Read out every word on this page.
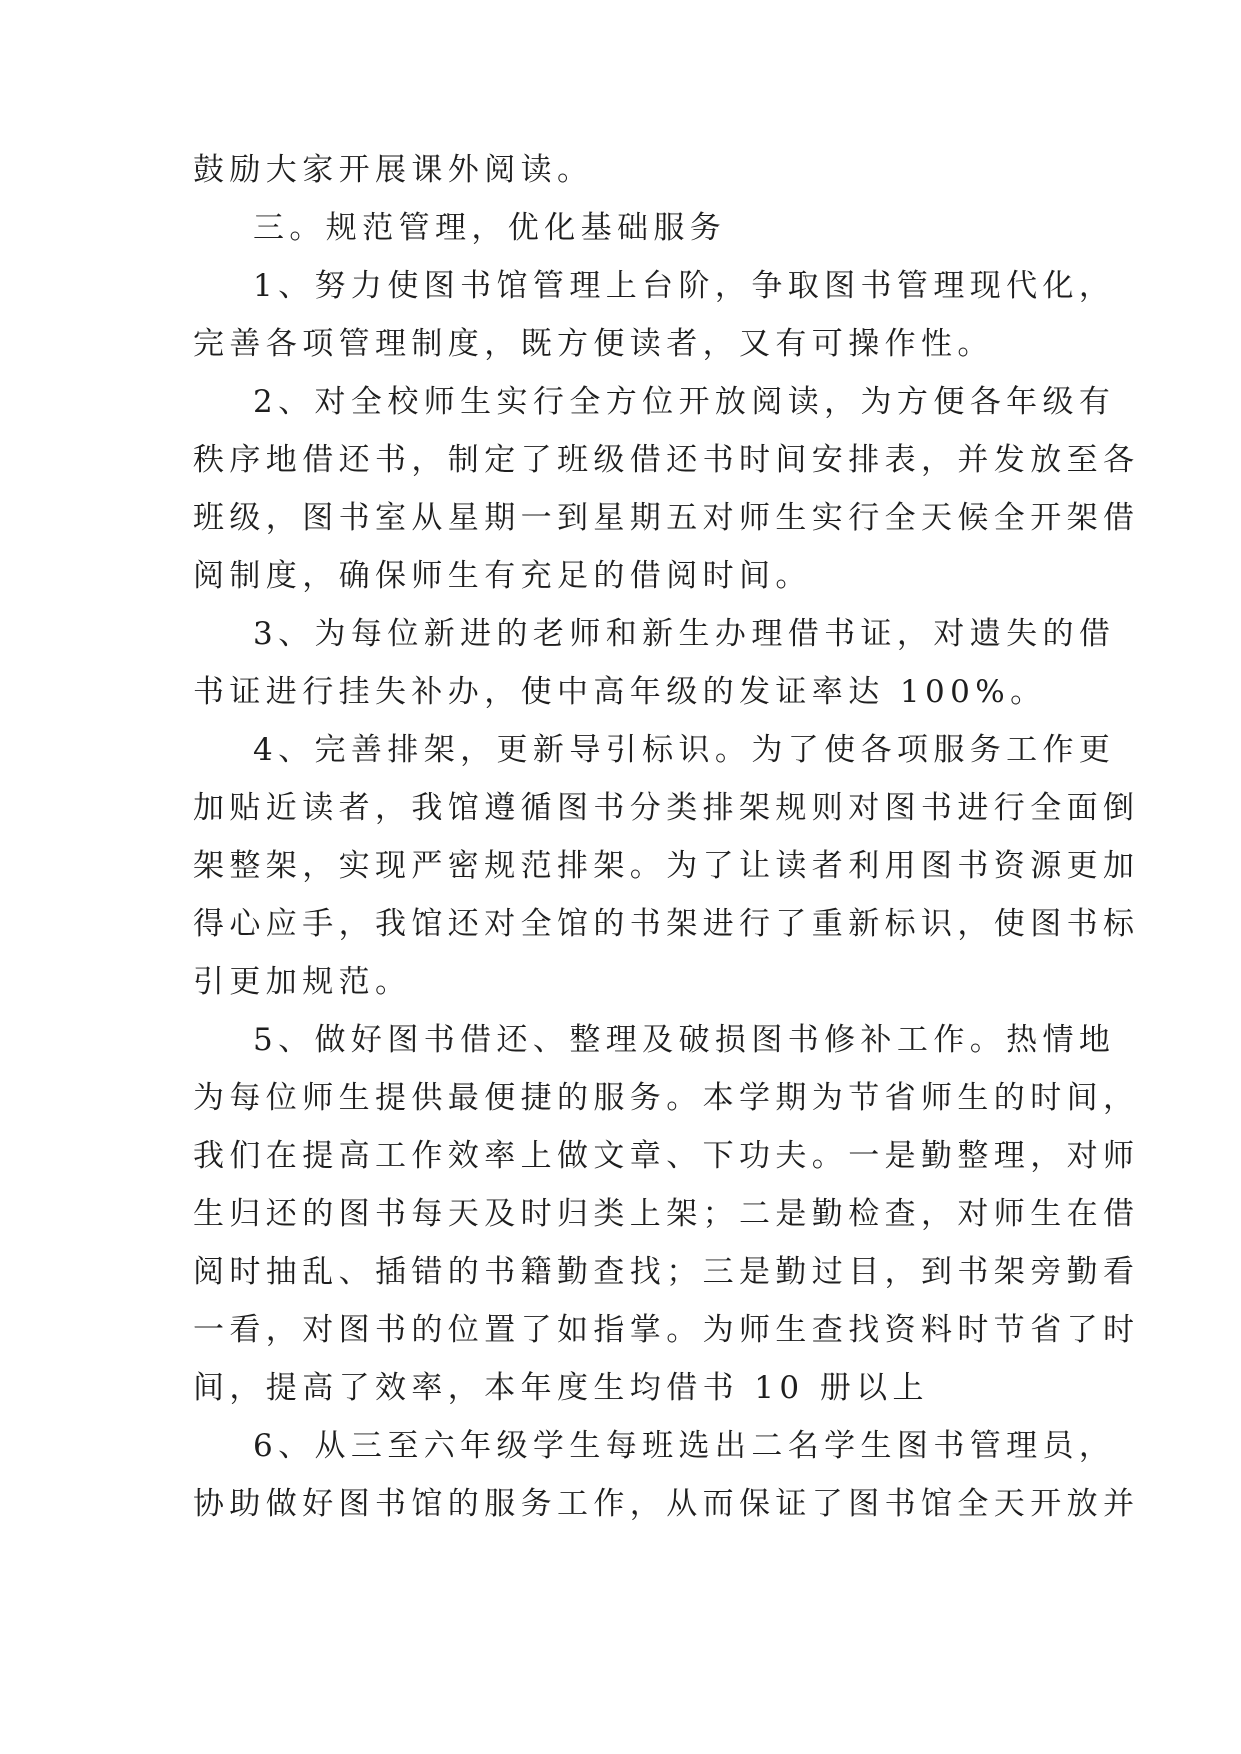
鼓励大家开展课外阅读。
三。规范管理，优化基础服务
1、努力使图书馆管理上台阶，争取图书管理现代化，
完善各项管理制度，既方便读者，又有可操作性。
2、对全校师生实行全方位开放阅读，为方便各年级有
秩序地借还书，制定了班级借还书时间安排表，并发放至各
班级，图书室从星期一到星期五对师生实行全天候全开架借
阅制度，确保师生有充足的借阅时间。
3、为每位新进的老师和新生办理借书证，对遗失的借
书证进行挂失补办，使中高年级的发证率达 100%。
4、完善排架，更新导引标识。为了使各项服务工作更
加贴近读者，我馆遵循图书分类排架规则对图书进行全面倒
架整架，实现严密规范排架。为了让读者利用图书资源更加
得心应手，我馆还对全馆的书架进行了重新标识，使图书标
引更加规范。
5、做好图书借还、整理及破损图书修补工作。热情地
为每位师生提供最便捷的服务。本学期为节省师生的时间，
我们在提高工作效率上做文章、下功夫。一是勤整理，对师
生归还的图书每天及时归类上架；二是勤检查，对师生在借
阅时抽乱、插错的书籍勤查找；三是勤过目，到书架旁勤看
一看，对图书的位置了如指掌。为师生查找资料时节省了时
间，提高了效率，本年度生均借书 10 册以上
6、从三至六年级学生每班选出二名学生图书管理员，
协助做好图书馆的服务工作，从而保证了图书馆全天开放并
